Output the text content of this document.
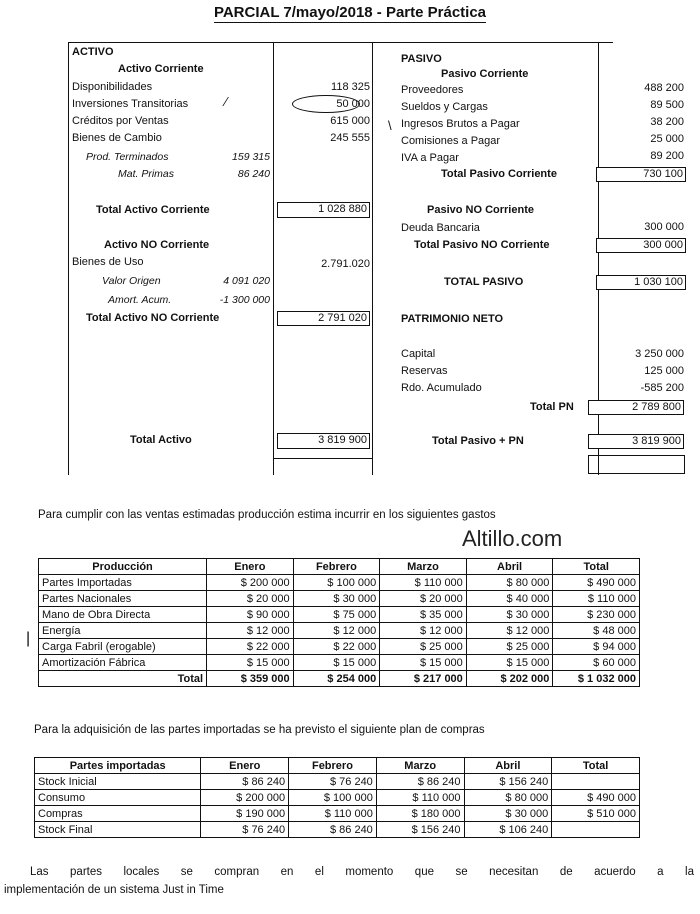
PARCIAL 7/mayo/2018 - Parte Práctica
ACTIVO
Activo Corriente
Disponibilidades	118 325
Inversiones Transitorias	50 000
⁄
Créditos por Ventas	615 000
Bienes de Cambio	245 555
Prod. Terminados	159 315
Mat. Primas	86 240
Total Activo Corriente	1 028 880
Activo NO Corriente
Bienes de Uso	2.791.020
Valor Origen	4 091 020
Amort. Acum.	-1 300 000
Total Activo NO Corriente	2 791 020
Total Activo	3 819 900
PASIVO
Pasivo Corriente
Proveedores	488 200
Sueldos y Cargas	89 500
Ingresos Brutos a Pagar	38 200
\
Comisiones a Pagar	25 000
IVA a Pagar	89 200
Total Pasivo Corriente	730 100
Pasivo NO Corriente
Deuda Bancaria	300 000
Total Pasivo NO Corriente	300 000
TOTAL PASIVO	1 030 100
PATRIMONIO NETO
Capital	3 250 000
Reservas	125 000
Rdo. Acumulado	-585 200
Total PN	2 789 800
Total Pasivo + PN	3 819 900
Para cumplir con las ventas estimadas producción estima incurrir en los siguientes gastos
Altillo.com
Producción	Enero	Febrero	Marzo	Abril	Total
Partes Importadas	$ 200 000	$ 100 000	$ 110 000	$ 80 000	$ 490 000
Partes Nacionales	$ 20 000	$ 30 000	$ 20 000	$ 40 000	$ 110 000
Mano de Obra Directa	$ 90 000	$ 75 000	$ 35 000	$ 30 000	$ 230 000
Energía	$ 12 000	$ 12 000	$ 12 000	$ 12 000	$ 48 000
Carga Fabril (erogable)	$ 22 000	$ 22 000	$ 25 000	$ 25 000	$ 94 000
Amortización Fábrica	$ 15 000	$ 15 000	$ 15 000	$ 15 000	$ 60 000
Total	$ 359 000	$ 254 000	$ 217 000	$ 202 000	$ 1 032 000
|
Para la adquisición de las partes importadas se ha previsto el siguiente plan de compras
Partes importadas	Enero	Febrero	Marzo	Abril	Total
Stock Inicial	$ 86 240	$ 76 240	$ 86 240	$ 156 240	
Consumo	$ 200 000	$ 100 000	$ 110 000	$ 80 000	$ 490 000
Compras	$ 190 000	$ 110 000	$ 180 000	$ 30 000	$ 510 000
Stock Final	$ 76 240	$ 86 240	$ 156 240	$ 106 240	
Las partes locales se compran en el momento que se necesitan de acuerdo a la
implementación de un sistema Just in Time
